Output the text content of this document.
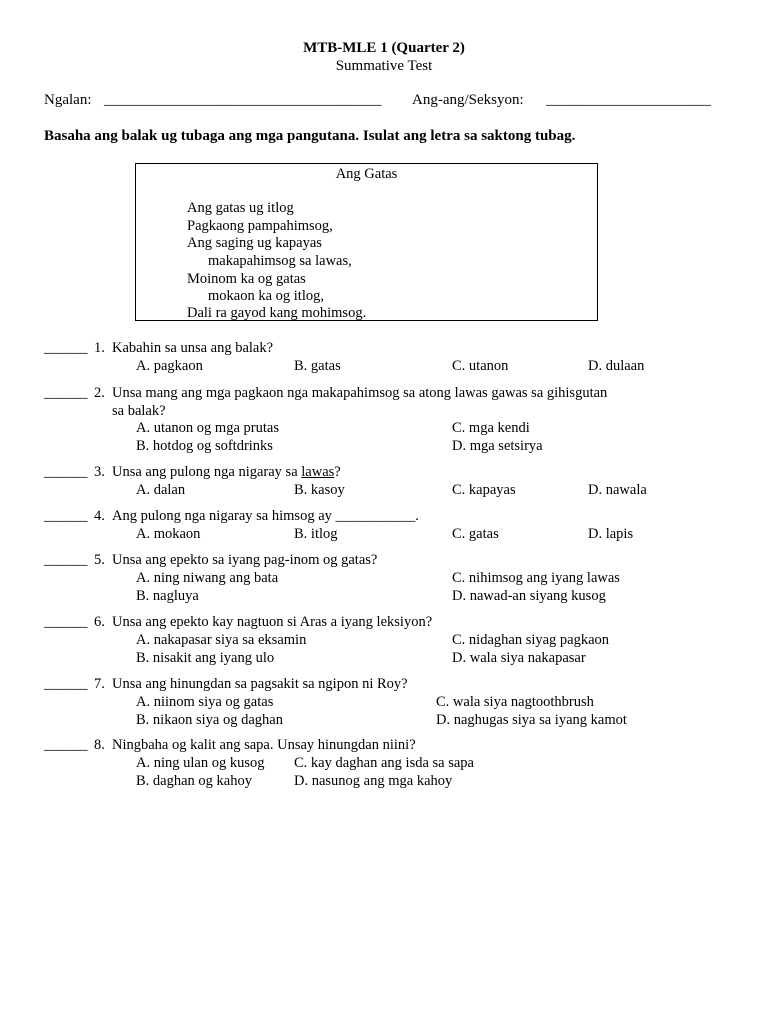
MTB-MLE 1 (Quarter 2)
Summative Test
Ngalan: _____________________________________ Ang-ang/Seksyon: ______________________
Basaha ang balak ug tubaga ang mga pangutana. Isulat ang letra sa saktong tubag.
Ang Gatas
Ang gatas ug itlog
Pagkaong pampahimsog,
Ang saging ug kapayas
makapahimsog sa lawas,
Moinom ka og gatas
mokaon ka og itlog,
Dali ra gayod kang mohimsog.
______ 1. Kabahin sa unsa ang balak?
A. pagkaon	B. gatas	C. utanon	D. dulaan
______ 2. Unsa mang ang mga pagkaon nga makapahimsog sa atong lawas gawas sa gihisgutan
sa balak?
A. utanon og mga prutas	C. mga kendi
B. hotdog og softdrinks	D. mga setsirya
______ 3. Unsa ang pulong nga nigaray sa lawas?
A. dalan	B. kasoy	C. kapayas	D. nawala
______ 4. Ang pulong nga nigaray sa himsog ay ___________.
A. mokaon	B. itlog	C. gatas	D. lapis
______ 5. Unsa ang epekto sa iyang pag-inom og gatas?
A. ning niwang ang bata	C. nihimsog ang iyang lawas
B. nagluya	D. nawad-an siyang kusog
______ 6. Unsa ang epekto kay nagtuon si Aras a iyang leksiyon?
A. nakapasar siya sa eksamin	C. nidaghan siyag pagkaon
B. nisakit ang iyang ulo	D. wala siya nakapasar
______ 7. Unsa ang hinungdan sa pagsakit sa ngipon ni Roy?
A. niinom siya og gatas	C. wala siya nagtoothbrush
B. nikaon siya og daghan	D. naghugas siya sa iyang kamot
______ 8. Ningbaha og kalit ang sapa. Unsay hinungdan niini?
A. ning ulan og kusog C. kay daghan ang isda sa sapa
B. daghan og kahoy	D. nasunog ang mga kahoy
